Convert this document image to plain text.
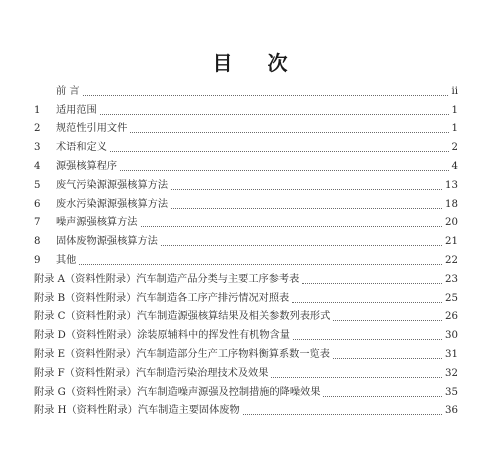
目 次
前 言	ii
1	适用范围	1
2	规范性引用文件	1
3	术语和定义	2
4	源强核算程序	4
5	废气污染源源强核算方法	13
6	废水污染源源强核算方法	18
7	噪声源强核算方法	20
8	固体废物源强核算方法	21
9	其他	22
附录 A（资料性附录）汽车制造产品分类与主要工序参考表	23
附录 B（资料性附录）汽车制造各工序产排污情况对照表	25
附录 C（资料性附录）汽车制造源强核算结果及相关参数列表形式	26
附录 D（资料性附录）涂装原辅料中的挥发性有机物含量	30
附录 E（资料性附录）汽车制造部分生产工序物料衡算系数一览表	31
附录 F（资料性附录）汽车制造污染治理技术及效果	32
附录 G（资料性附录）汽车制造噪声源强及控制措施的降噪效果	35
附录 H（资料性附录）汽车制造主要固体废物	36
